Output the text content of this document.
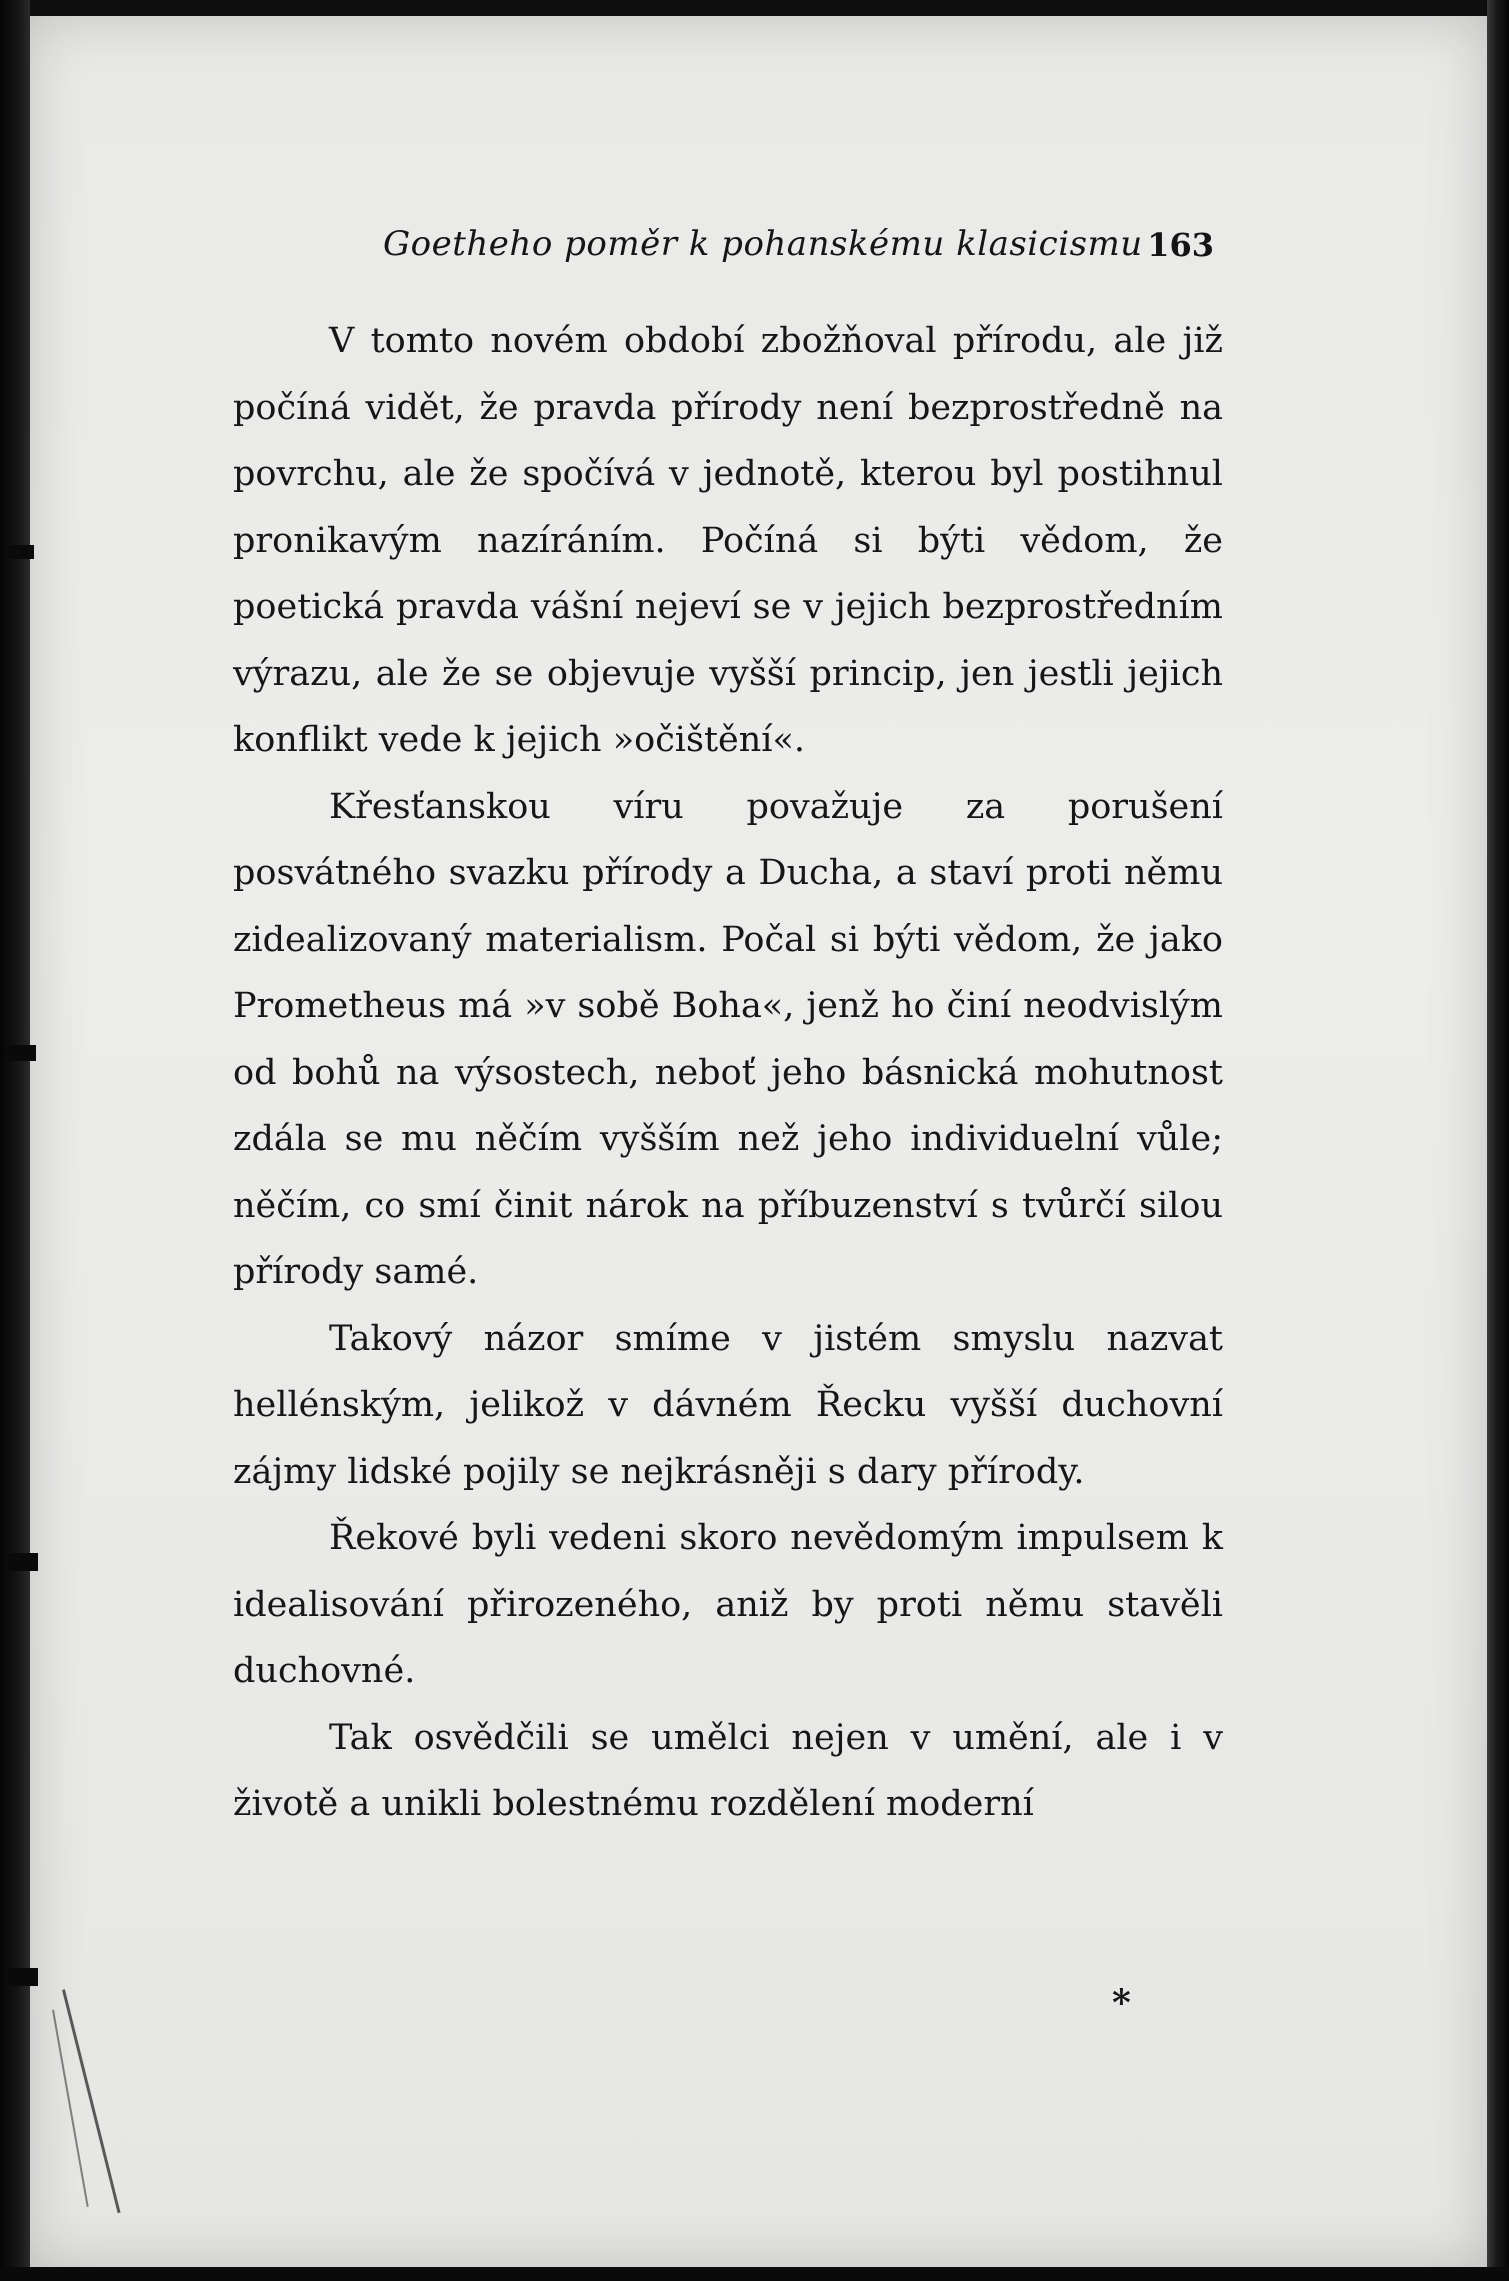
Goetheho poměr k pohanskému klasicismu 163

V tomto novém období zbožňoval přírodu, ale již počíná vidět, že pravda přírody není bezprostředně na povrchu, ale že spočívá v jednotě, kterou byl postihnul pronikavým nazíráním. Počíná si býti vědom, že poetická pravda vášní nejeví se v jejich bezprostředním výrazu, ale že se objevuje vyšší princip, jen jestli jejich konflikt vede k jejich »očištění«.

Křesťanskou víru považuje za porušení posvátného svazku přírody a Ducha, a staví proti němu zidealizovaný materialism. Počal si býti vědom, že jako Prometheus má »v sobě Boha«, jenž ho činí neodvislým od bohů na výsostech, neboť jeho básnická mohutnost zdála se mu něčím vyšším než jeho individuelní vůle; něčím, co smí činit nárok na příbuzenství s tvůrčí silou přírody samé.

Takový názor smíme v jistém smyslu nazvat hellénským, jelikož v dávném Řecku vyšší duchovní zájmy lidské pojily se nejkrásněji s dary přírody.

Řekové byli vedeni skoro nevědomým impulsem k idealisování přirozeného, aniž by proti němu stavěli duchovné.

Tak osvědčili se umělci nejen v umění, ale i v životě a unikli bolestnému rozdělení moderní

*
